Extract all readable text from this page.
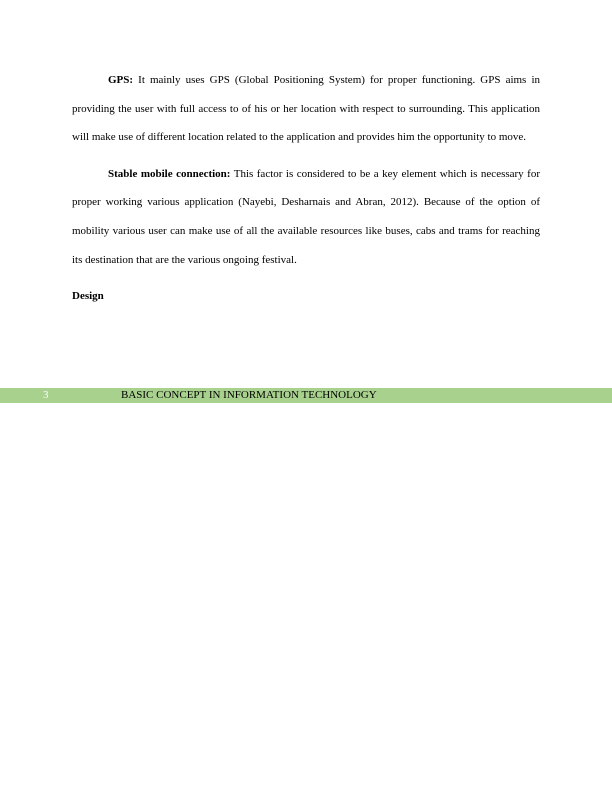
GPS: It mainly uses GPS (Global Positioning System) for proper functioning. GPS aims in providing the user with full access to of his or her location with respect to surrounding. This application will make use of different location related to the application and provides him the opportunity to move.

Stable mobile connection: This factor is considered to be a key element which is necessary for proper working various application (Nayebi, Desharnais and Abran, 2012). Because of the option of mobility various user can make use of all the available resources like buses, cabs and trams for reaching its destination that are the various ongoing festival.

Design

3	BASIC CONCEPT IN INFORMATION TECHNOLOGY
